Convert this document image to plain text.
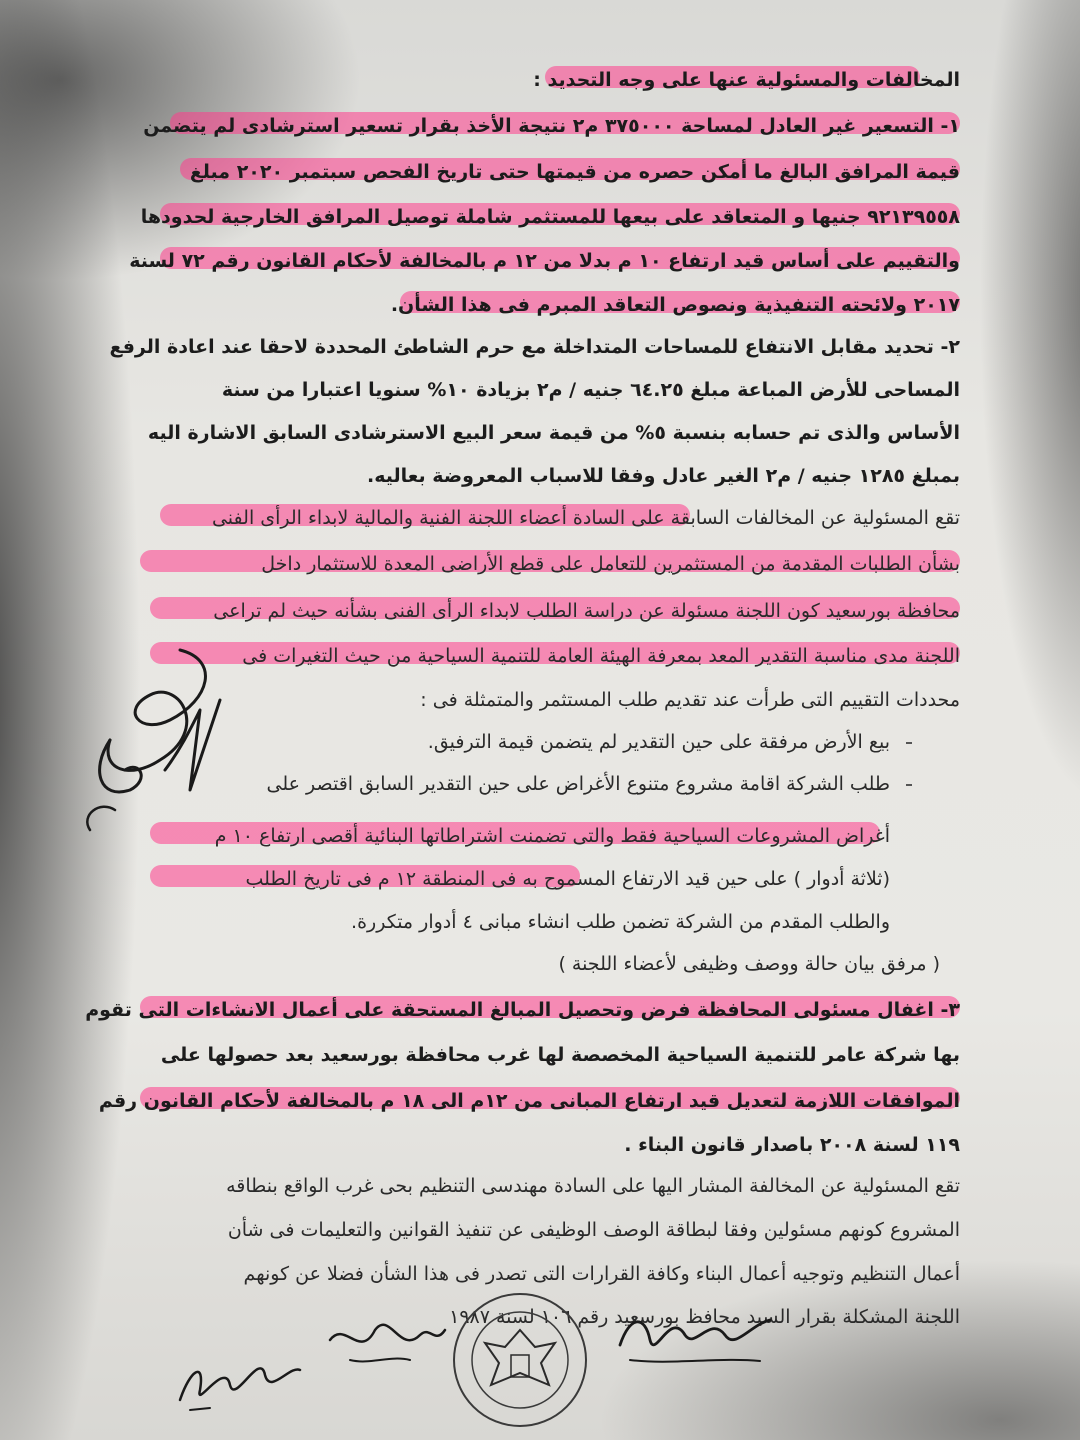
المخالفات والمسئولية عنها على وجه التحديد :
١- التسعير غير العادل لمساحة ٣٧٥٠٠٠ م٢ نتيجة الأخذ بقرار تسعير استرشادى لم يتضمن
قيمة المرافق البالغ ما أمكن حصره من قيمتها حتى تاريخ الفحص سبتمبر ٢٠٢٠ مبلغ
٩٢١٣٩٥٥٨ جنيها و المتعاقد على بيعها للمستثمر شاملة توصيل المرافق الخارجية لحدودها
والتقييم على أساس قيد ارتفاع ١٠ م بدلا من ١٢ م بالمخالفة لأحكام القانون رقم ٧٢ لسنة
٢٠١٧ ولائحته التنفيذية ونصوص التعاقد المبرم فى هذا الشأن.
٢- تحديد مقابل الانتفاع للمساحات المتداخلة مع حرم الشاطئ المحددة لاحقا عند اعادة الرفع
المساحى للأرض المباعة مبلغ ٦٤.٢٥ جنيه / م٢ بزيادة ١٠% سنويا اعتبارا من سنة
الأساس والذى تم حسابه بنسبة ٥% من قيمة سعر البيع الاسترشادى السابق الاشارة اليه
بمبلغ ١٢٨٥ جنيه / م٢ الغير عادل وفقا للاسباب المعروضة بعاليه.
تقع المسئولية عن المخالفات السابقة على السادة أعضاء اللجنة الفنية والمالية لابداء الرأى الفنى
بشأن الطلبات المقدمة من المستثمرين للتعامل على قطع الأراضى المعدة للاستثمار داخل
محافظة بورسعيد كون اللجنة مسئولة عن دراسة الطلب لابداء الرأى الفنى بشأنه حيث لم تراعى
اللجنة مدى مناسبة التقدير المعد بمعرفة الهيئة العامة للتنمية السياحية من حيث التغيرات فى
محددات التقييم التى طرأت عند تقديم طلب المستثمر والمتمثلة فى :
بيع الأرض مرفقة على حين التقدير لم يتضمن قيمة الترفيق.
طلب الشركة اقامة مشروع متنوع الأغراض على حين التقدير السابق اقتصر على
أغراض المشروعات السياحية فقط والتى تضمنت اشتراطاتها البنائية أقصى ارتفاع ١٠ م
(ثلاثة أدوار ) على حين قيد الارتفاع المسموح به فى المنطقة ١٢ م فى تاريخ الطلب
والطلب المقدم من الشركة تضمن طلب انشاء مبانى ٤ أدوار متكررة.
( مرفق بيان حالة ووصف وظيفى لأعضاء اللجنة )
٣- اغفال مسئولى المحافظة فرض وتحصيل المبالغ المستحقة على أعمال الانشاءات التى تقوم
بها شركة عامر للتنمية السياحية المخصصة لها غرب محافظة بورسعيد بعد حصولها على
الموافقات اللازمة لتعديل قيد ارتفاع المبانى من ١٢م الى ١٨ م بالمخالفة لأحكام القانون رقم
١١٩ لسنة ٢٠٠٨ باصدار قانون البناء .
تقع المسئولية عن المخالفة المشار اليها على السادة مهندسى التنظيم بحى غرب الواقع بنطاقه
المشروع كونهم مسئولين وفقا لبطاقة الوصف الوظيفى عن تنفيذ القوانين والتعليمات فى شأن
أعمال التنظيم وتوجيه أعمال البناء وكافة القرارات التى تصدر فى هذا الشأن فضلا عن كونهم
اللجنة المشكلة بقرار السيد محافظ بورسعيد رقم ١٠٦ لسنة ١٩٨٧
